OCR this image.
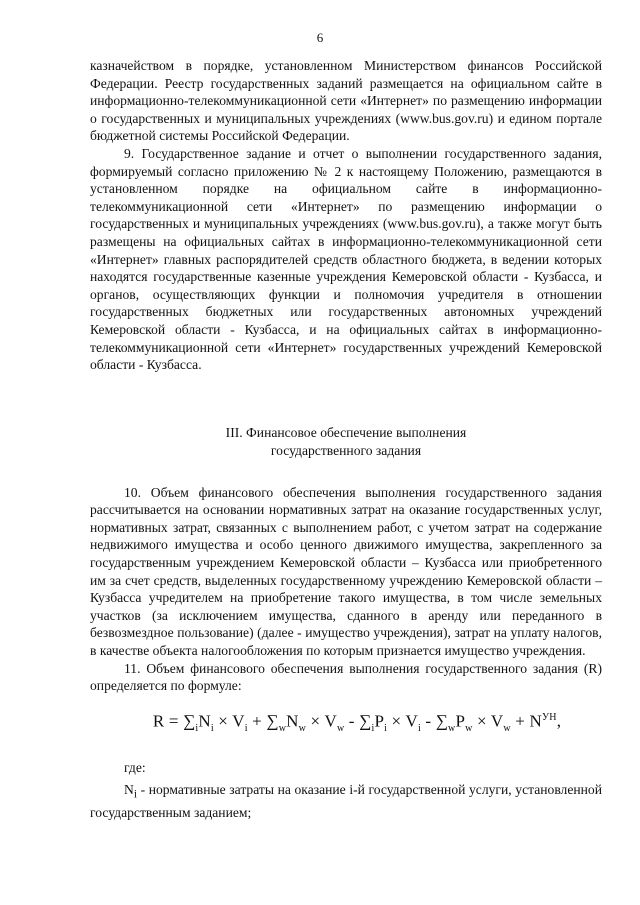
6

казначейством в порядке, установленном Министерством финансов Российской Федерации. Реестр государственных заданий размещается на официальном сайте в информационно-телекоммуникационной сети «Интернет» по размещению информации о государственных и муниципальных учреждениях (www.bus.gov.ru) и едином портале бюджетной системы Российской Федерации.

9. Государственное задание и отчет о выполнении государственного задания, формируемый согласно приложению № 2 к настоящему Положению, размещаются в установленном порядке на официальном сайте в информационно-телекоммуникационной сети «Интернет» по размещению информации о государственных и муниципальных учреждениях (www.bus.gov.ru), а также могут быть размещены на официальных сайтах в информационно-телекоммуникационной сети «Интернет» главных распорядителей средств областного бюджета, в ведении которых находятся государственные казенные учреждения Кемеровской области - Кузбасса, и органов, осуществляющих функции и полномочия учредителя в отношении государственных бюджетных или государственных автономных учреждений Кемеровской области - Кузбасса, и на официальных сайтах в информационно-телекоммуникационной сети «Интернет» государственных учреждений Кемеровской области - Кузбасса.

III. Финансовое обеспечение выполнения
государственного задания

10. Объем финансового обеспечения выполнения государственного задания рассчитывается на основании нормативных затрат на оказание государственных услуг, нормативных затрат, связанных с выполнением работ, с учетом затрат на содержание недвижимого имущества и особо ценного движимого имущества, закрепленного за государственным учреждением Кемеровской области – Кузбасса или приобретенного им за счет средств, выделенных государственному учреждению Кемеровской области – Кузбасса учредителем на приобретение такого имущества, в том числе земельных участков (за исключением имущества, сданного в аренду или переданного в безвозмездное пользование) (далее - имущество учреждения), затрат на уплату налогов, в качестве объекта налогообложения по которым признается имущество учреждения.

11. Объем финансового обеспечения выполнения государственного задания (R) определяется по формуле:

$R = \sum_iN_i \times V_i + \sum_wN_w \times V_w - \sum_iP_i \times V_i - \sum_wP_w \times V_w + N^{УН}$,

где:

$N_i$ - нормативные затраты на оказание i-й государственной услуги, установленной государственным заданием;
